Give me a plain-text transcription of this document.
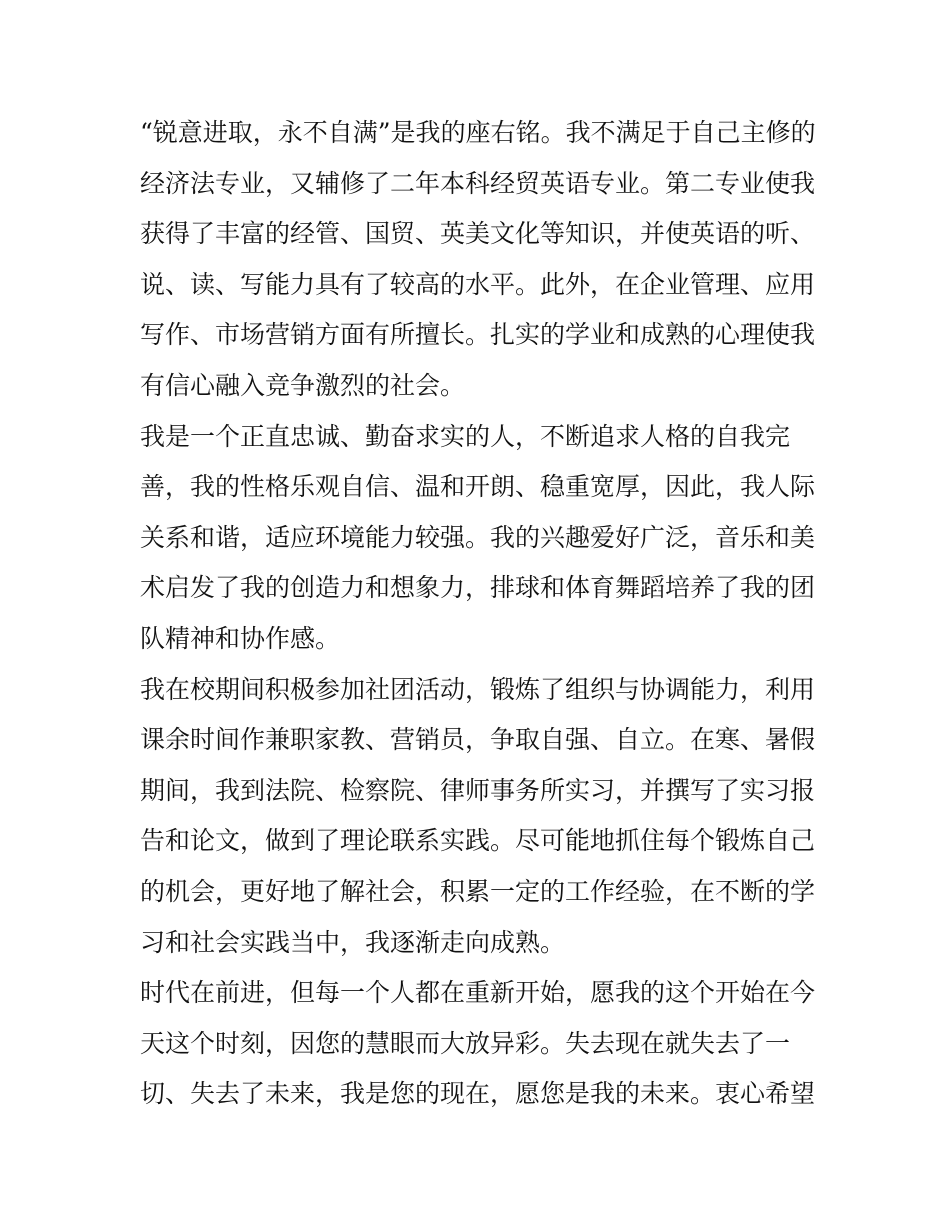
“锐意进取，永不自满”是我的座右铭。我不满足于自己主修的
经济法专业，又辅修了二年本科经贸英语专业。第二专业使我
获得了丰富的经管、国贸、英美文化等知识，并使英语的听、
说、读、写能力具有了较高的水平。此外，在企业管理、应用
写作、市场营销方面有所擅长。扎实的学业和成熟的心理使我
有信心融入竞争激烈的社会。
我是一个正直忠诚、勤奋求实的人，不断追求人格的自我完
善，我的性格乐观自信、温和开朗、稳重宽厚，因此，我人际
关系和谐，适应环境能力较强。我的兴趣爱好广泛，音乐和美
术启发了我的创造力和想象力，排球和体育舞蹈培养了我的团
队精神和协作感。
我在校期间积极参加社团活动，锻炼了组织与协调能力，利用
课余时间作兼职家教、营销员，争取自强、自立。在寒、暑假
期间，我到法院、检察院、律师事务所实习，并撰写了实习报
告和论文，做到了理论联系实践。尽可能地抓住每个锻炼自己
的机会，更好地了解社会，积累一定的工作经验，在不断的学
习和社会实践当中，我逐渐走向成熟。
时代在前进，但每一个人都在重新开始，愿我的这个开始在今
天这个时刻，因您的慧眼而大放异彩。失去现在就失去了一
切、失去了未来，我是您的现在，愿您是我的未来。衷心希望
